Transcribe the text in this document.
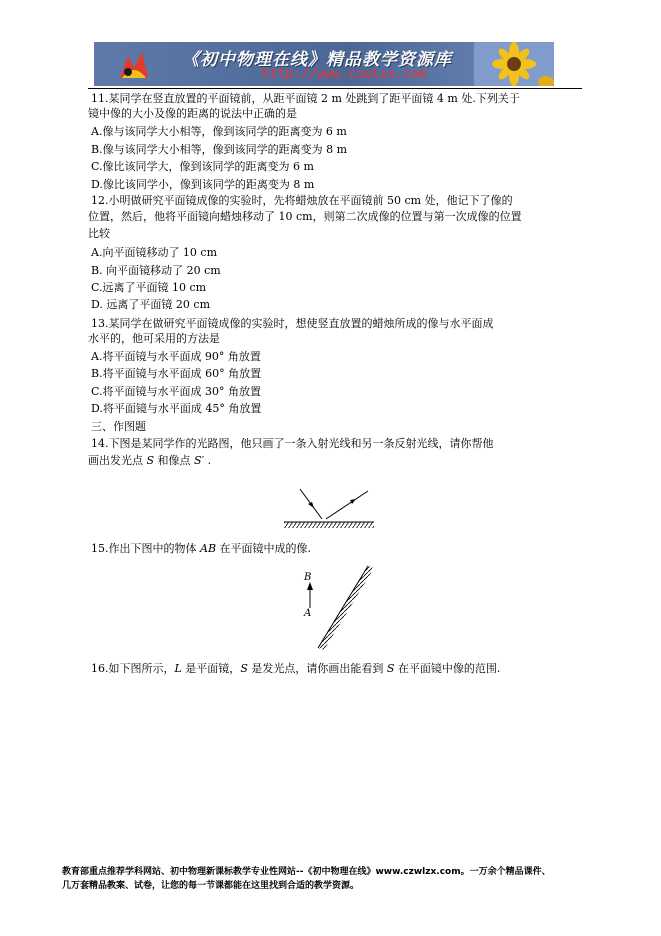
《初中物理在线》精品教学资源库
http://www.czwlzx.com
11.某同学在竖直放置的平面镜前，从距平面镜 2 m 处跳到了距平面镜 4 m 处.下列关于
镜中像的大小及像的距离的说法中正确的是
A.像与该同学大小相等，像到该同学的距离变为 6 m
B.像与该同学大小相等，像到该同学的距离变为 8 m
C.像比该同学大，像到该同学的距离变为 6 m
D.像比该同学小，像到该同学的距离变为 8 m
12.小明做研究平面镜成像的实验时，先将蜡烛放在平面镜前 50 cm 处，他记下了像的
位置，然后，他将平面镜向蜡烛移动了 10 cm，则第二次成像的位置与第一次成像的位置
比较
A.向平面镜移动了 10 cm
B. 向平面镜移动了 20 cm
C.远离了平面镜 10 cm
D. 远离了平面镜 20 cm
13.某同学在做研究平面镜成像的实验时，想使竖直放置的蜡烛所成的像与水平面成
水平的，他可采用的方法是
A.将平面镜与水平面成 90° 角放置
B.将平面镜与水平面成 60° 角放置
C.将平面镜与水平面成 30° 角放置
D.将平面镜与水平面成 45° 角放置
三、作图题
14.下图是某同学作的光路图，他只画了一条入射光线和另一条反射光线，请你帮他
画出发光点 S 和像点 S′ .
15.作出下图中的物体 AB 在平面镜中成的像.
B
A
16.如下图所示，L 是平面镜，S 是发光点，请你画出能看到 S 在平面镜中像的范围.
教育部重点推荐学科网站、初中物理新课标教学专业性网站--《初中物理在线》www.czwlzx.com。一万余个精品课件、
几万套精品教案、试卷，让您的每一节课都能在这里找到合适的教学资源。
